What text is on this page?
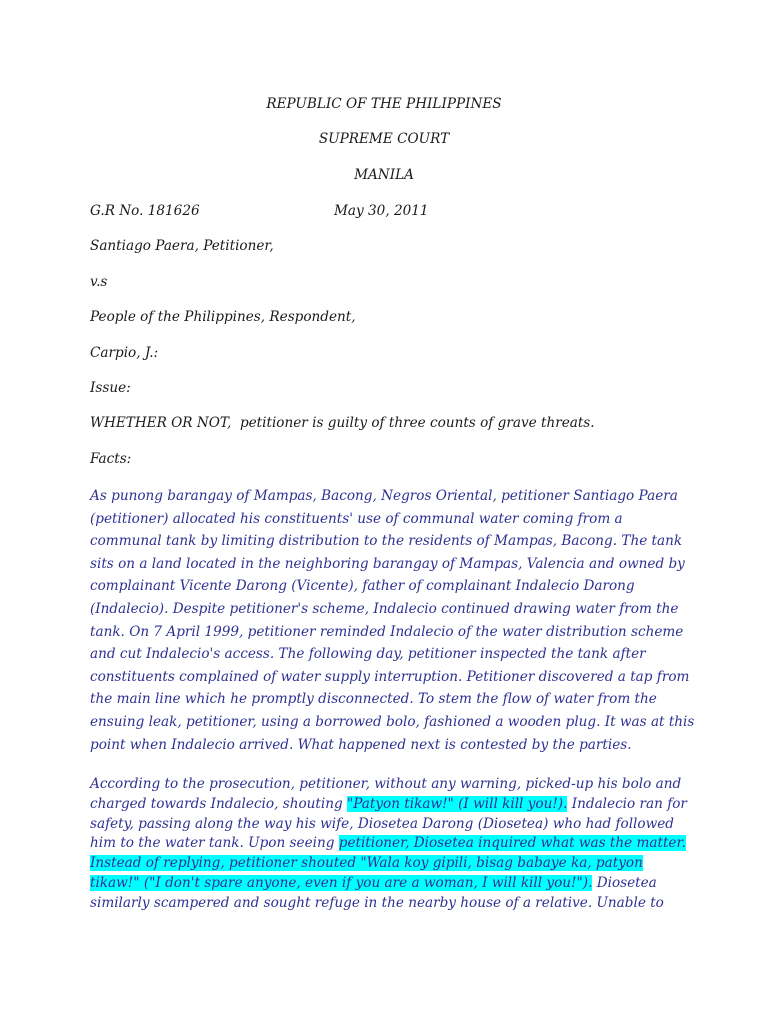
REPUBLIC OF THE PHILIPPINES
SUPREME COURT
MANILA
G.R No. 181626	May 30, 2011
Santiago Paera, Petitioner,
v.s
People of the Philippines, Respondent,
Carpio, J.:
Issue:
WHETHER OR NOT, petitioner is guilty of three counts of grave threats.
Facts:
As punong barangay of Mampas, Bacong, Negros Oriental, petitioner Santiago Paera
(petitioner) allocated his constituents' use of communal water coming from a
communal tank by limiting distribution to the residents of Mampas, Bacong. The tank
sits on a land located in the neighboring barangay of Mampas, Valencia and owned by
complainant Vicente Darong (Vicente), father of complainant Indalecio Darong
(Indalecio). Despite petitioner's scheme, Indalecio continued drawing water from the
tank. On 7 April 1999, petitioner reminded Indalecio of the water distribution scheme
and cut Indalecio's access. The following day, petitioner inspected the tank after
constituents complained of water supply interruption. Petitioner discovered a tap from
the main line which he promptly disconnected. To stem the flow of water from the
ensuing leak, petitioner, using a borrowed bolo, fashioned a wooden plug. It was at this
point when Indalecio arrived. What happened next is contested by the parties.
According to the prosecution, petitioner, without any warning, picked-up his bolo and
charged towards Indalecio, shouting "Patyon tikaw!" (I will kill you!). Indalecio ran for
safety, passing along the way his wife, Diosetea Darong (Diosetea) who had followed
him to the water tank. Upon seeing petitioner, Diosetea inquired what was the matter.
Instead of replying, petitioner shouted "Wala koy gipili, bisag babaye ka, patyon
tikaw!" ("I don't spare anyone, even if you are a woman, I will kill you!"). Diosetea
similarly scampered and sought refuge in the nearby house of a relative. Unable to
